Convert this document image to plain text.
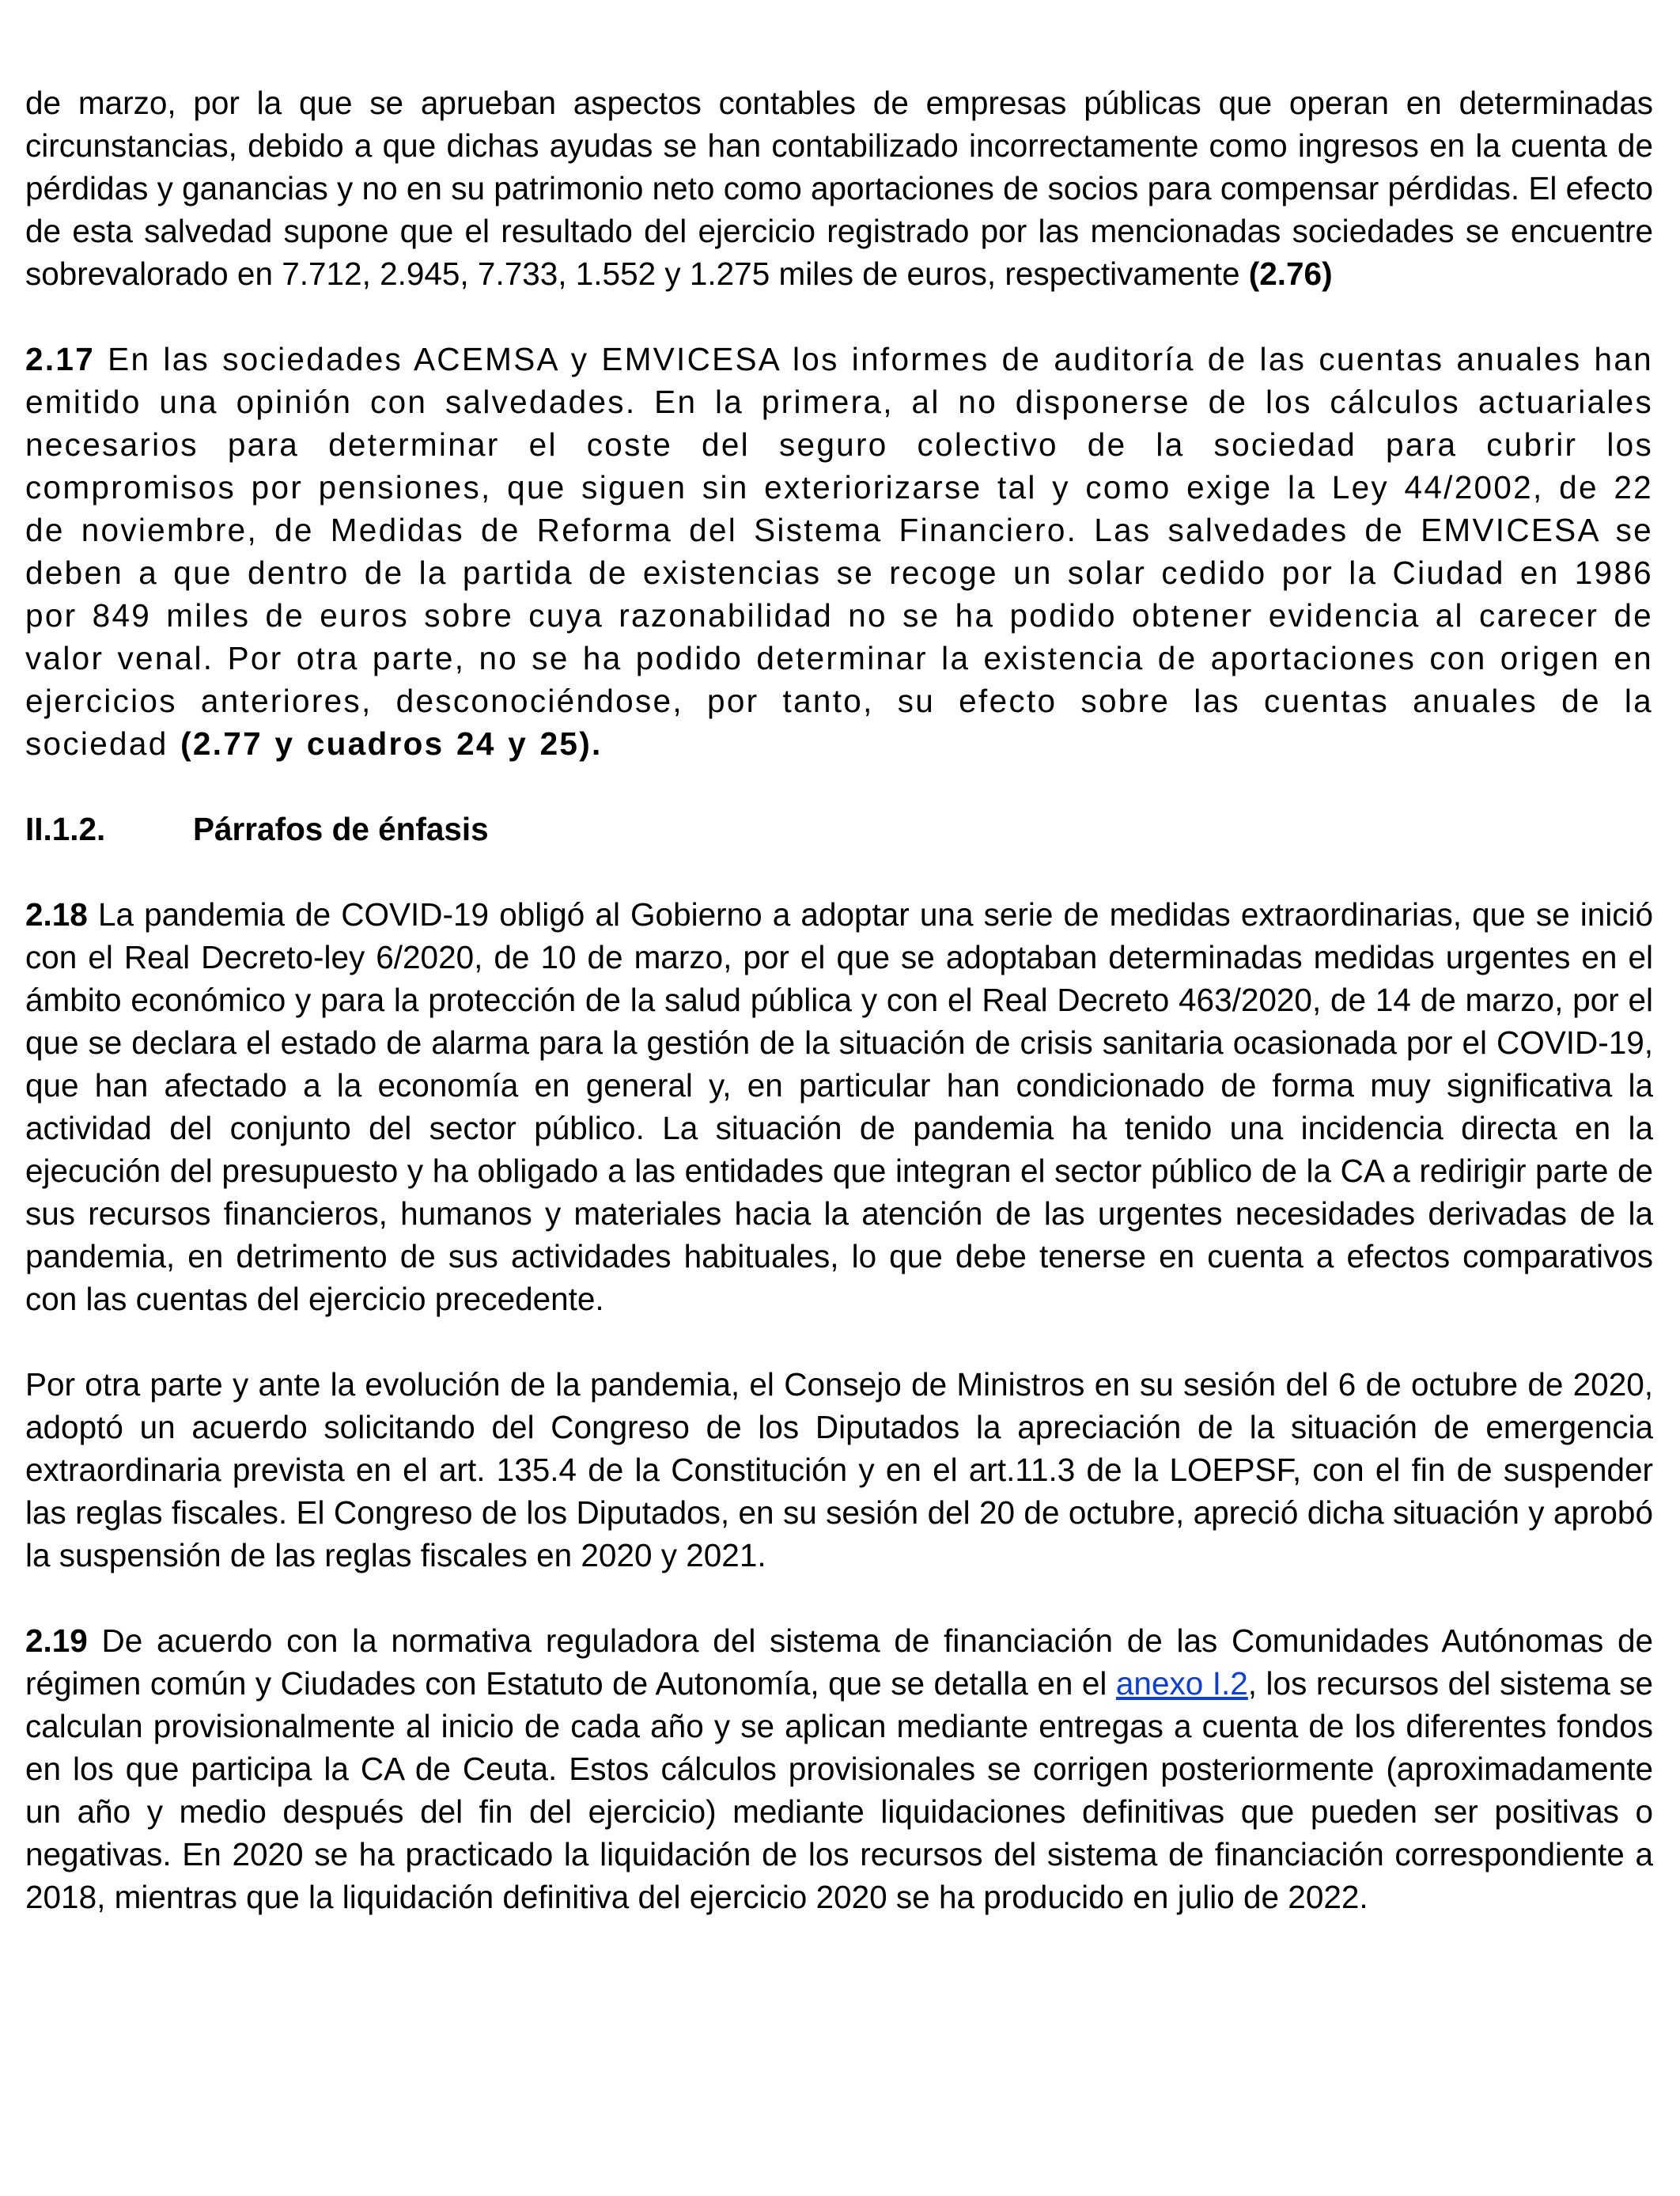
de marzo, por la que se aprueban aspectos contables de empresas públicas que operan en determinadas circunstancias, debido a que dichas ayudas se han contabilizado incorrectamente como ingresos en la cuenta de pérdidas y ganancias y no en su patrimonio neto como aportaciones de socios para compensar pérdidas. El efecto de esta salvedad supone que el resultado del ejercicio registrado por las mencionadas sociedades se encuentre sobrevalorado en 7.712, 2.945, 7.733, 1.552 y 1.275 miles de euros, respectivamente (2.76)

2.17 En las sociedades ACEMSA y EMVICESA los informes de auditoría de las cuentas anuales han emitido una opinión con salvedades. En la primera, al no disponerse de los cálculos actuariales necesarios para determinar el coste del seguro colectivo de la sociedad para cubrir los compromisos por pensiones, que siguen sin exteriorizarse tal y como exige la Ley 44/2002, de 22 de noviembre, de Medidas de Reforma del Sistema Financiero. Las salvedades de EMVICESA se deben a que dentro de la partida de existencias se recoge un solar cedido por la Ciudad en 1986 por 849 miles de euros sobre cuya razonabilidad no se ha podido obtener evidencia al carecer de valor venal. Por otra parte, no se ha podido determinar la existencia de aportaciones con origen en ejercicios anteriores, desconociéndose, por tanto, su efecto sobre las cuentas anuales de la sociedad (2.77 y cuadros 24 y 25).

II.1.2.	Párrafos de énfasis

2.18 La pandemia de COVID-19 obligó al Gobierno a adoptar una serie de medidas extraordinarias, que se inició con el Real Decreto-ley 6/2020, de 10 de marzo, por el que se adoptaban determinadas medidas urgentes en el ámbito económico y para la protección de la salud pública y con el Real Decreto 463/2020, de 14 de marzo, por el que se declara el estado de alarma para la gestión de la situación de crisis sanitaria ocasionada por el COVID-19, que han afectado a la economía en general y, en particular han condicionado de forma muy significativa la actividad del conjunto del sector público. La situación de pandemia ha tenido una incidencia directa en la ejecución del presupuesto y ha obligado a las entidades que integran el sector público de la CA a redirigir parte de sus recursos financieros, humanos y materiales hacia la atención de las urgentes necesidades derivadas de la pandemia, en detrimento de sus actividades habituales, lo que debe tenerse en cuenta a efectos comparativos con las cuentas del ejercicio precedente.

Por otra parte y ante la evolución de la pandemia, el Consejo de Ministros en su sesión del 6 de octubre de 2020, adoptó un acuerdo solicitando del Congreso de los Diputados la apreciación de la situación de emergencia extraordinaria prevista en el art. 135.4 de la Constitución y en el art.11.3 de la LOEPSF, con el fin de suspender las reglas fiscales. El Congreso de los Diputados, en su sesión del 20 de octubre, apreció dicha situación y aprobó la suspensión de las reglas fiscales en 2020 y 2021.

2.19 De acuerdo con la normativa reguladora del sistema de financiación de las Comunidades Autónomas de régimen común y Ciudades con Estatuto de Autonomía, que se detalla en el anexo I.2, los recursos del sistema se calculan provisionalmente al inicio de cada año y se aplican mediante entregas a cuenta de los diferentes fondos en los que participa la CA de Ceuta. Estos cálculos provisionales se corrigen posteriormente (aproximadamente un año y medio después del fin del ejercicio) mediante liquidaciones definitivas que pueden ser positivas o negativas. En 2020 se ha practicado la liquidación de los recursos del sistema de financiación correspondiente a 2018, mientras que la liquidación definitiva del ejercicio 2020 se ha producido en julio de 2022.
